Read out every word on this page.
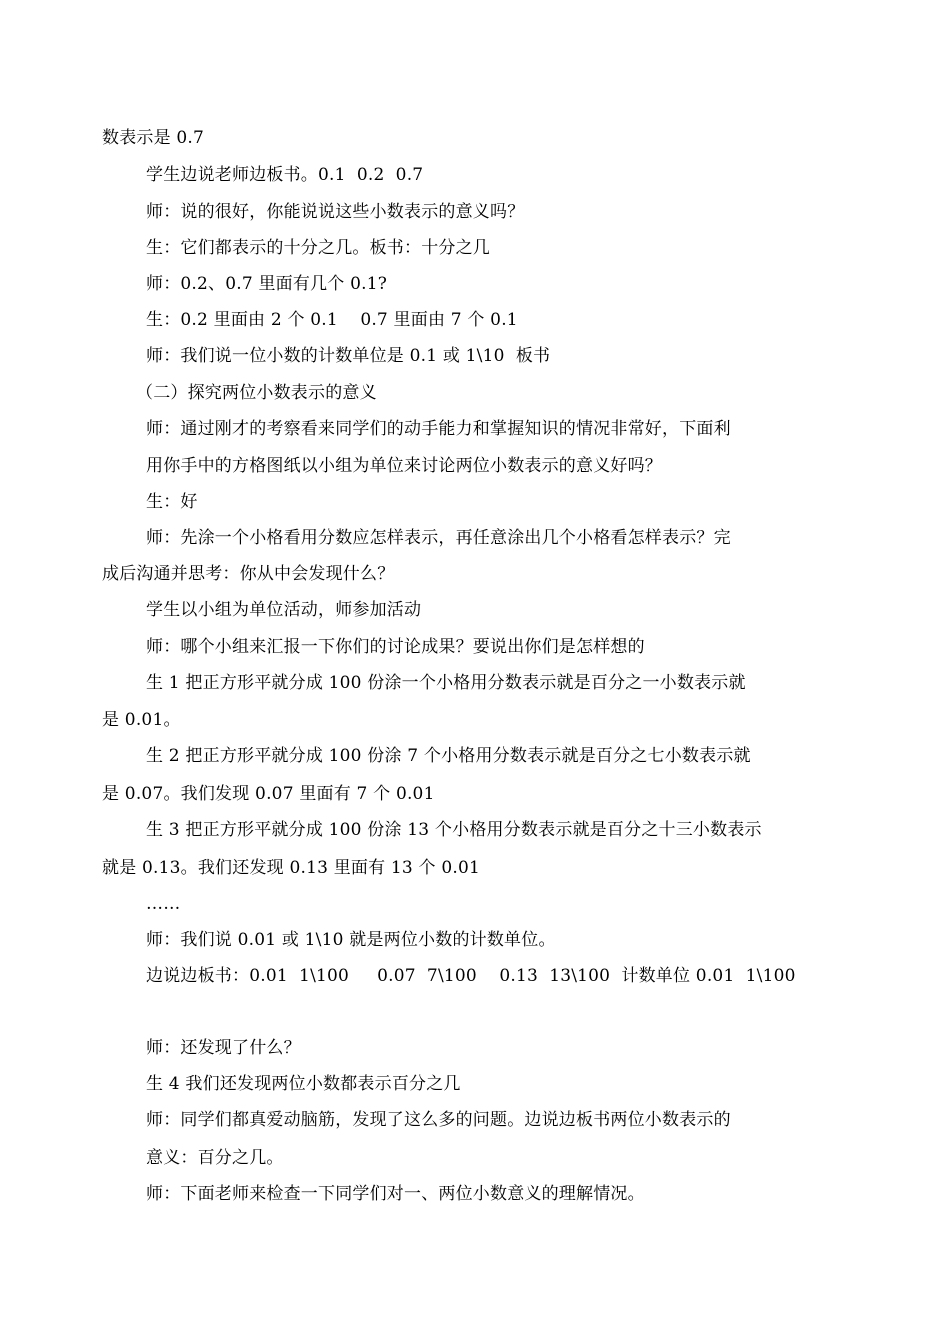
数表示是 0.7
学生边说老师边板书。0.1  0.2  0.7
师：说的很好，你能说说这些小数表示的意义吗？
生：它们都表示的十分之几。板书：十分之几
师：0.2、0.7 里面有几个 0.1?
生：0.2 里面由 2 个 0.1    0.7 里面由 7 个 0.1
师：我们说一位小数的计数单位是 0.1 或 1\10  板书
（二）探究两位小数表示的意义
师：通过刚才的考察看来同学们的动手能力和掌握知识的情况非常好，下面利
用你手中的方格图纸以小组为单位来讨论两位小数表示的意义好吗？
生：好
师：先涂一个小格看用分数应怎样表示，再任意涂出几个小格看怎样表示？完
成后沟通并思考：你从中会发现什么？
学生以小组为单位活动，师参加活动
师：哪个小组来汇报一下你们的讨论成果？要说出你们是怎样想的
生 1 把正方形平就分成 100 份涂一个小格用分数表示就是百分之一小数表示就
是 0.01。
生 2 把正方形平就分成 100 份涂 7 个小格用分数表示就是百分之七小数表示就
是 0.07。我们发现 0.07 里面有 7 个 0.01
生 3 把正方形平就分成 100 份涂 13 个小格用分数表示就是百分之十三小数表示
就是 0.13。我们还发现 0.13 里面有 13 个 0.01
……
师：我们说 0.01 或 1\10 就是两位小数的计数单位。
边说边板书：0.01  1\100     0.07  7\100    0.13  13\100  计数单位 0.01  1\100
师：还发现了什么？
生 4 我们还发现两位小数都表示百分之几
师：同学们都真爱动脑筋，发现了这么多的问题。边说边板书两位小数表示的
意义：百分之几。
师：下面老师来检查一下同学们对一、两位小数意义的理解情况。
